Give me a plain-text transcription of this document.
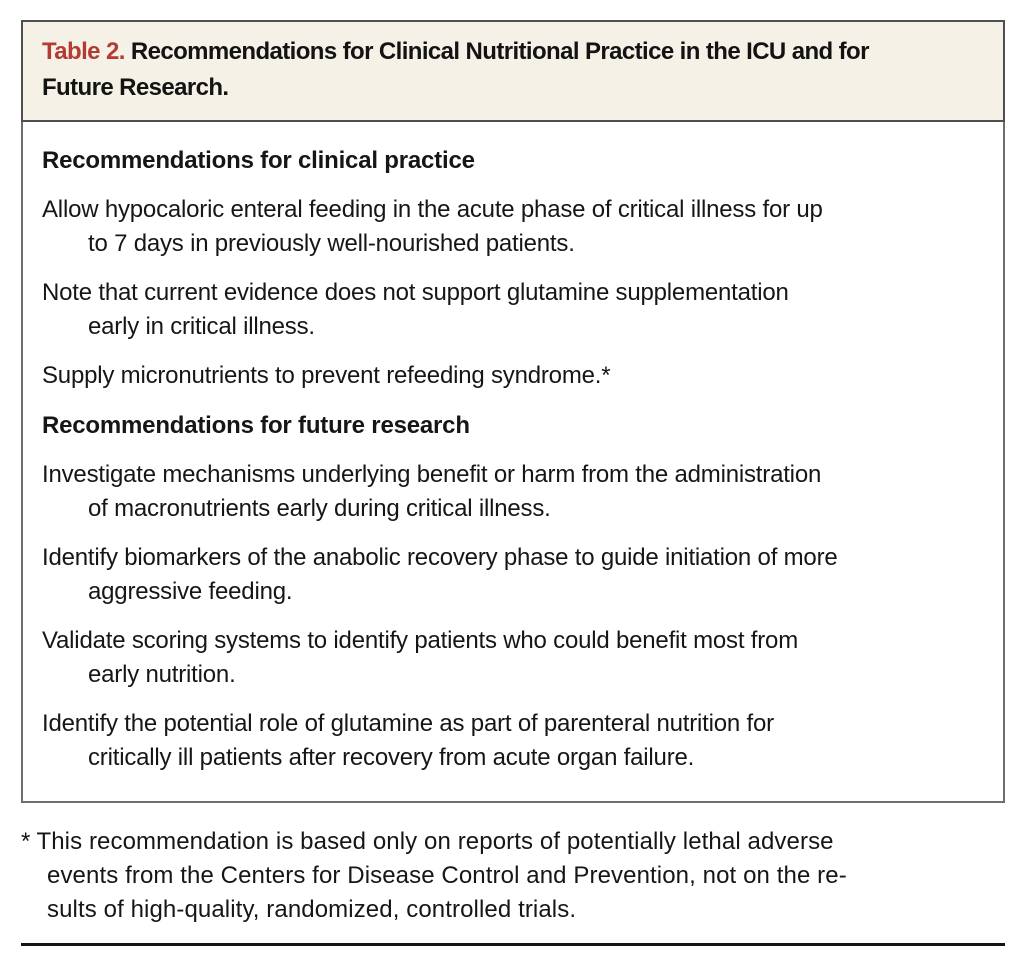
Table 2. Recommendations for Clinical Nutritional Practice in the ICU and for
Future Research.

Recommendations for clinical practice

Allow hypocaloric enteral feeding in the acute phase of critical illness for up
to 7 days in previously well-nourished patients.

Note that current evidence does not support glutamine supplementation
early in critical illness.

Supply micronutrients to prevent refeeding syndrome.*

Recommendations for future research

Investigate mechanisms underlying benefit or harm from the administration
of macronutrients early during critical illness.

Identify biomarkers of the anabolic recovery phase to guide initiation of more
aggressive feeding.

Validate scoring systems to identify patients who could benefit most from
early nutrition.

Identify the potential role of glutamine as part of parenteral nutrition for
critically ill patients after recovery from acute organ failure.

* This recommendation is based only on reports of potentially lethal adverse
events from the Centers for Disease Control and Prevention, not on the re-
sults of high-quality, randomized, controlled trials.
